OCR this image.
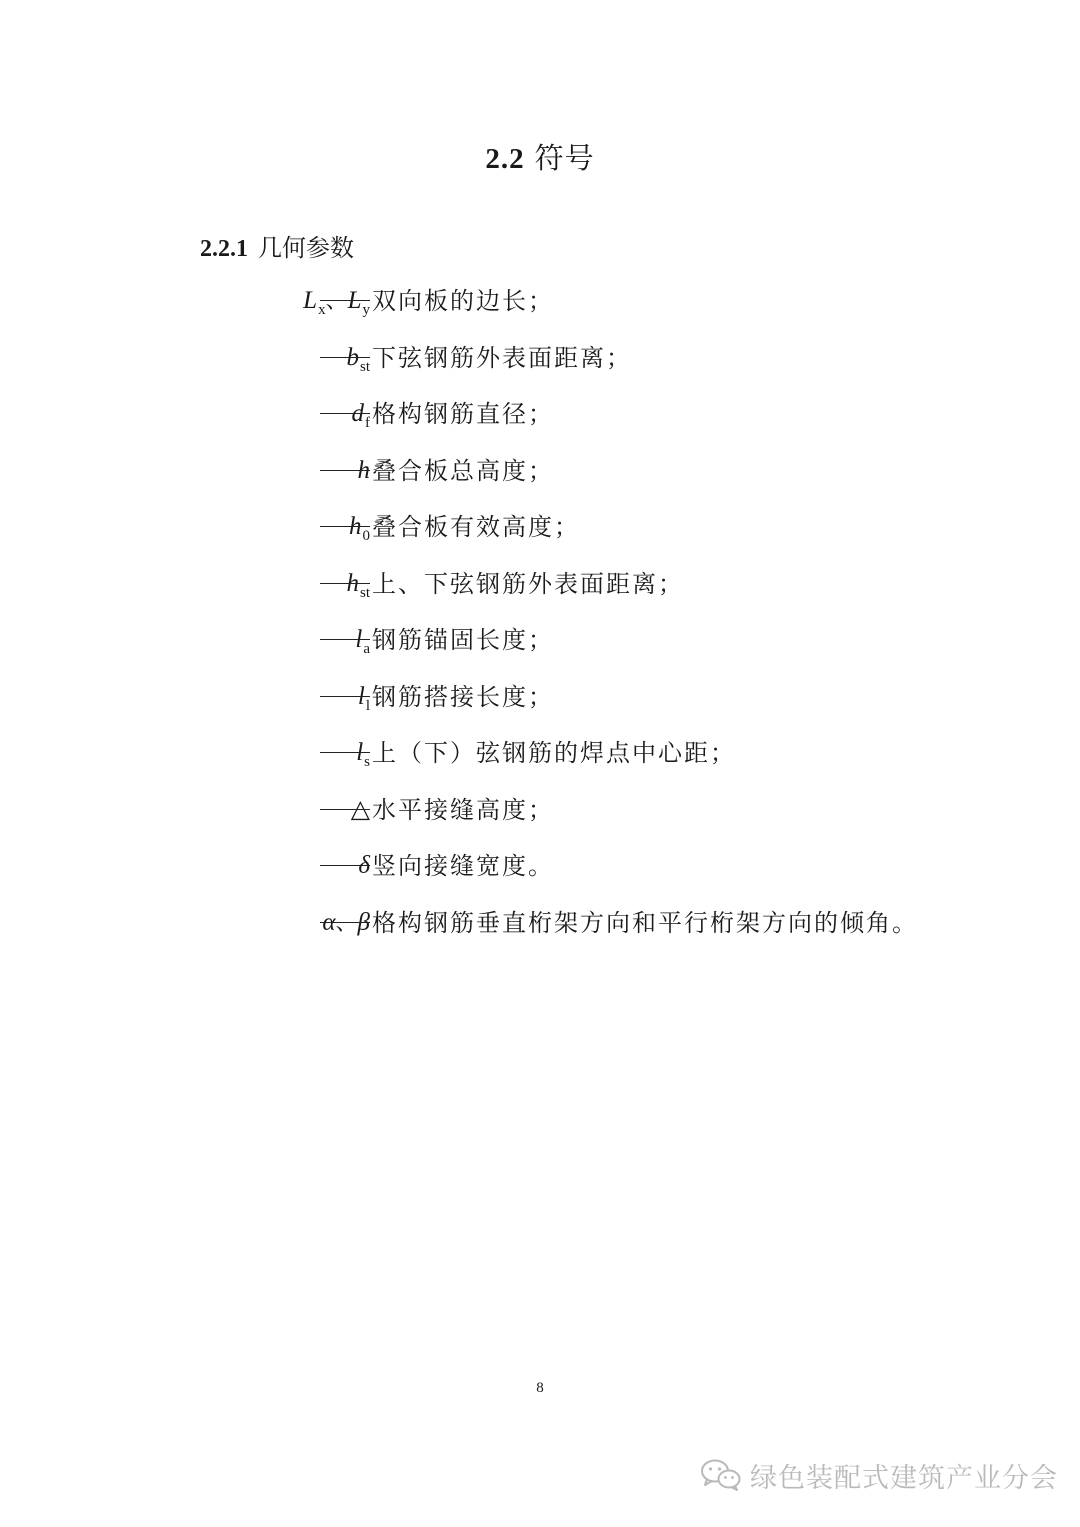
2.2 符号
2.2.1 几何参数
$L_x$、$L_y$ 双向板的边长；
$b_{st}$ 下弦钢筋外表面距离；
$d_f$ 格构钢筋直径；
h 叠合板总高度；
$h_0$ 叠合板有效高度；
$h_{st}$ 上、下弦钢筋外表面距离；
$l_a$ 钢筋锚固长度；
$l_l$ 钢筋搭接长度；
$l_s$ 上（下）弦钢筋的焊点中心距；
△ 水平接缝高度；
δ 竖向接缝宽度。
α、β 格构钢筋垂直桁架方向和平行桁架方向的倾角。
8
绿色装配式建筑产业分会
